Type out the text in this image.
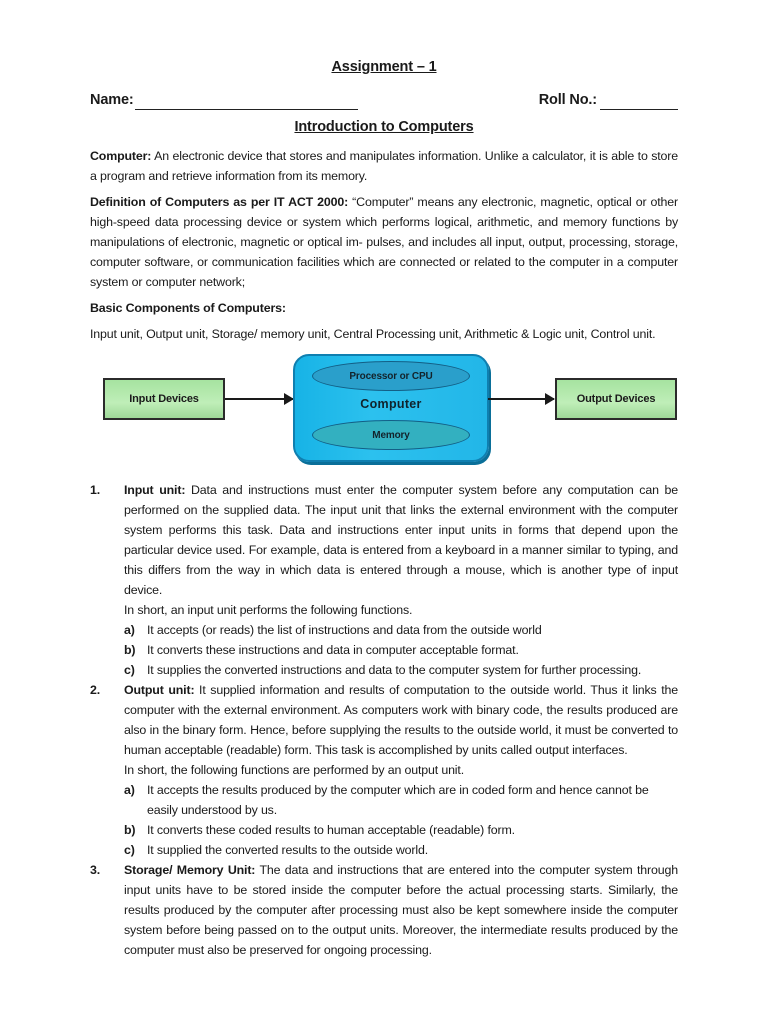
Assignment – 1
Name:	Roll No.:
Introduction to Computers

Computer: An electronic device that stores and manipulates information. Unlike a calculator, it is able to store a program and retrieve information from its memory.

Definition of Computers as per IT ACT 2000: “Computer” means any electronic, magnetic, optical or other high-speed data processing device or system which performs logical, arithmetic, and memory functions by manipulations of electronic, magnetic or optical im- pulses, and includes all input, output, processing, storage, computer software, or communication facilities which are connected or related to the computer in a computer system or computer network;

Basic Components of Computers:

Input unit, Output unit, Storage/ memory unit, Central Processing unit, Arithmetic & Logic unit, Control unit.

Input Devices
Processor or CPU
Computer
Memory
Output Devices
1. Input unit: Data and instructions must enter the computer system before any computation can be performed on the supplied data. The input unit that links the external environment with the computer system performs this task. Data and instructions enter input units in forms that depend upon the particular device used. For example, data is entered from a keyboard in a manner similar to typing, and this differs from the way in which data is entered through a mouse, which is another type of input device.

In short, an input unit performs the following functions.
a) It accepts (or reads) the list of instructions and data from the outside world
b) It converts these instructions and data in computer acceptable format.
c) It supplies the converted instructions and data to the computer system for further processing.
2. Output unit: It supplied information and results of computation to the outside world. Thus it links the computer with the external environment. As computers work with binary code, the results produced are also in the binary form. Hence, before supplying the results to the outside world, it must be converted to human acceptable (readable) form. This task is accomplished by units called output interfaces.

In short, the following functions are performed by an output unit.
a) It accepts the results produced by the computer which are in coded form and hence cannot be easily understood by us.
b) It converts these coded results to human acceptable (readable) form.
c) It supplied the converted results to the outside world.
3. Storage/ Memory Unit: The data and instructions that are entered into the computer system through input units have to be stored inside the computer before the actual processing starts. Similarly, the results produced by the computer after processing must also be kept somewhere inside the computer system before being passed on to the output units. Moreover, the intermediate results produced by the computer must also be preserved for ongoing processing.
